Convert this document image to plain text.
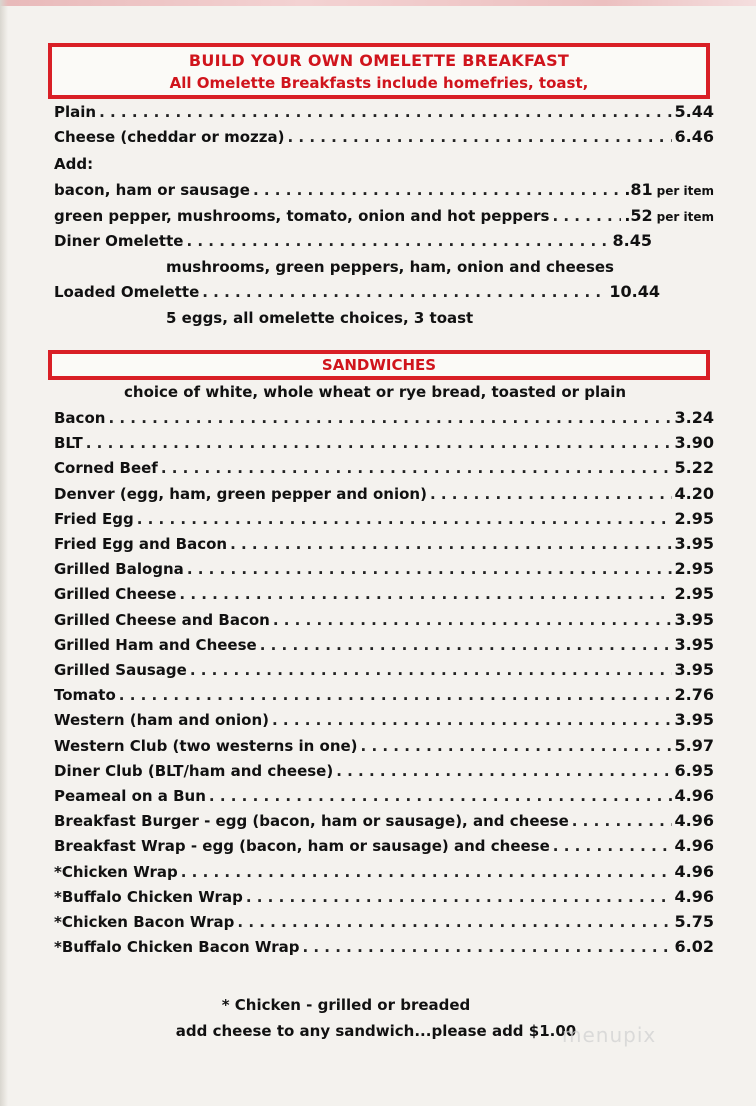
BUILD YOUR OWN OMELETTE BREAKFAST
All Omelette Breakfasts include homefries, toast,
Plain . . .	5.44
Cheese (cheddar or mozza) . . .	6.46
Add:
bacon, ham or sausage . . .	.81 per item
green pepper, mushrooms, tomato, onion and hot peppers . . .	.52 per item
Diner Omelette . . .	8.45
mushrooms, green peppers, ham, onion and cheeses
Loaded Omelette . . .	10.44
5 eggs, all omelette choices, 3 toast
SANDWICHES
choice of white, whole wheat or rye bread, toasted or plain
Bacon . . .	3.24
BLT . . .	3.90
Corned Beef . . .	5.22
Denver (egg, ham, green pepper and onion) . . .	4.20
Fried Egg . . .	2.95
Fried Egg and Bacon . . .	3.95
Grilled Balogna . . .	2.95
Grilled Cheese . . .	2.95
Grilled Cheese and Bacon . . .	3.95
Grilled Ham and Cheese . . .	3.95
Grilled Sausage . . .	3.95
Tomato . . .	2.76
Western (ham and onion) . . .	3.95
Western Club (two westerns in one) . . .	5.97
Diner Club (BLT/ham and cheese) . . .	6.95
Peameal on a Bun . . .	4.96
Breakfast Burger - egg (bacon, ham or sausage), and cheese . . .	4.96
Breakfast Wrap - egg (bacon, ham or sausage) and cheese . . .	4.96
*Chicken Wrap . . .	4.96
*Buffalo Chicken Wrap . . .	4.96
*Chicken Bacon Wrap . . .	5.75
*Buffalo Chicken Bacon Wrap . . .	6.02
* Chicken - grilled or breaded
add cheese to any sandwich...please add $1.00
menupix
